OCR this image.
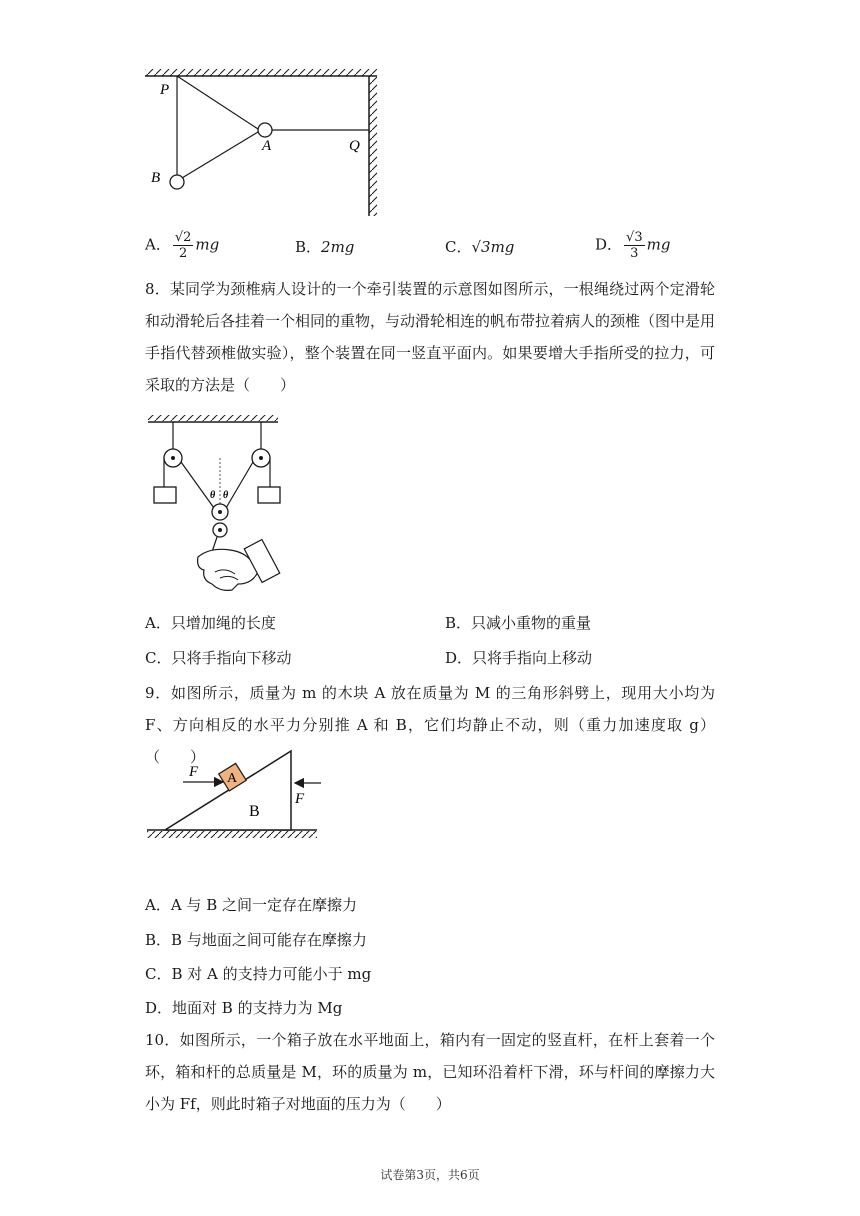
P
A	Q
B
A． $\frac{√2}{2}$ mg	B．2mg	C．√3mg	D． $\frac{√3}{3}$ mg
8．某同学为颈椎病人设计的一个牵引装置的示意图如图所示，一根绳绕过两个定滑轮和动滑轮后各挂着一个相同的重物，与动滑轮相连的帆布带拉着病人的颈椎（图中是用手指代替颈椎做实验），整个装置在同一竖直平面内。如果要增大手指所受的拉力，可采取的方法是（　　）
θ θ
A．只增加绳的长度	B．只减小重物的重量
C．只将手指向下移动	D．只将手指向上移动
9．如图所示，质量为 m 的木块 A 放在质量为 M 的三角形斜劈上，现用大小均为 F、方向相反的水平力分别推 A 和 B，它们均静止不动，则（重力加速度取 g）（　　）
B
A
F
F
A．A 与 B 之间一定存在摩擦力
B．B 与地面之间可能存在摩擦力
C．B 对 A 的支持力可能小于 mg
D．地面对 B 的支持力为 Mg
10．如图所示，一个箱子放在水平地面上，箱内有一固定的竖直杆，在杆上套着一个环，箱和杆的总质量是 M，环的质量为 m，已知环沿着杆下滑，环与杆间的摩擦力大小为 Ff，则此时箱子对地面的压力为（　　）
试卷第3页，共6页
